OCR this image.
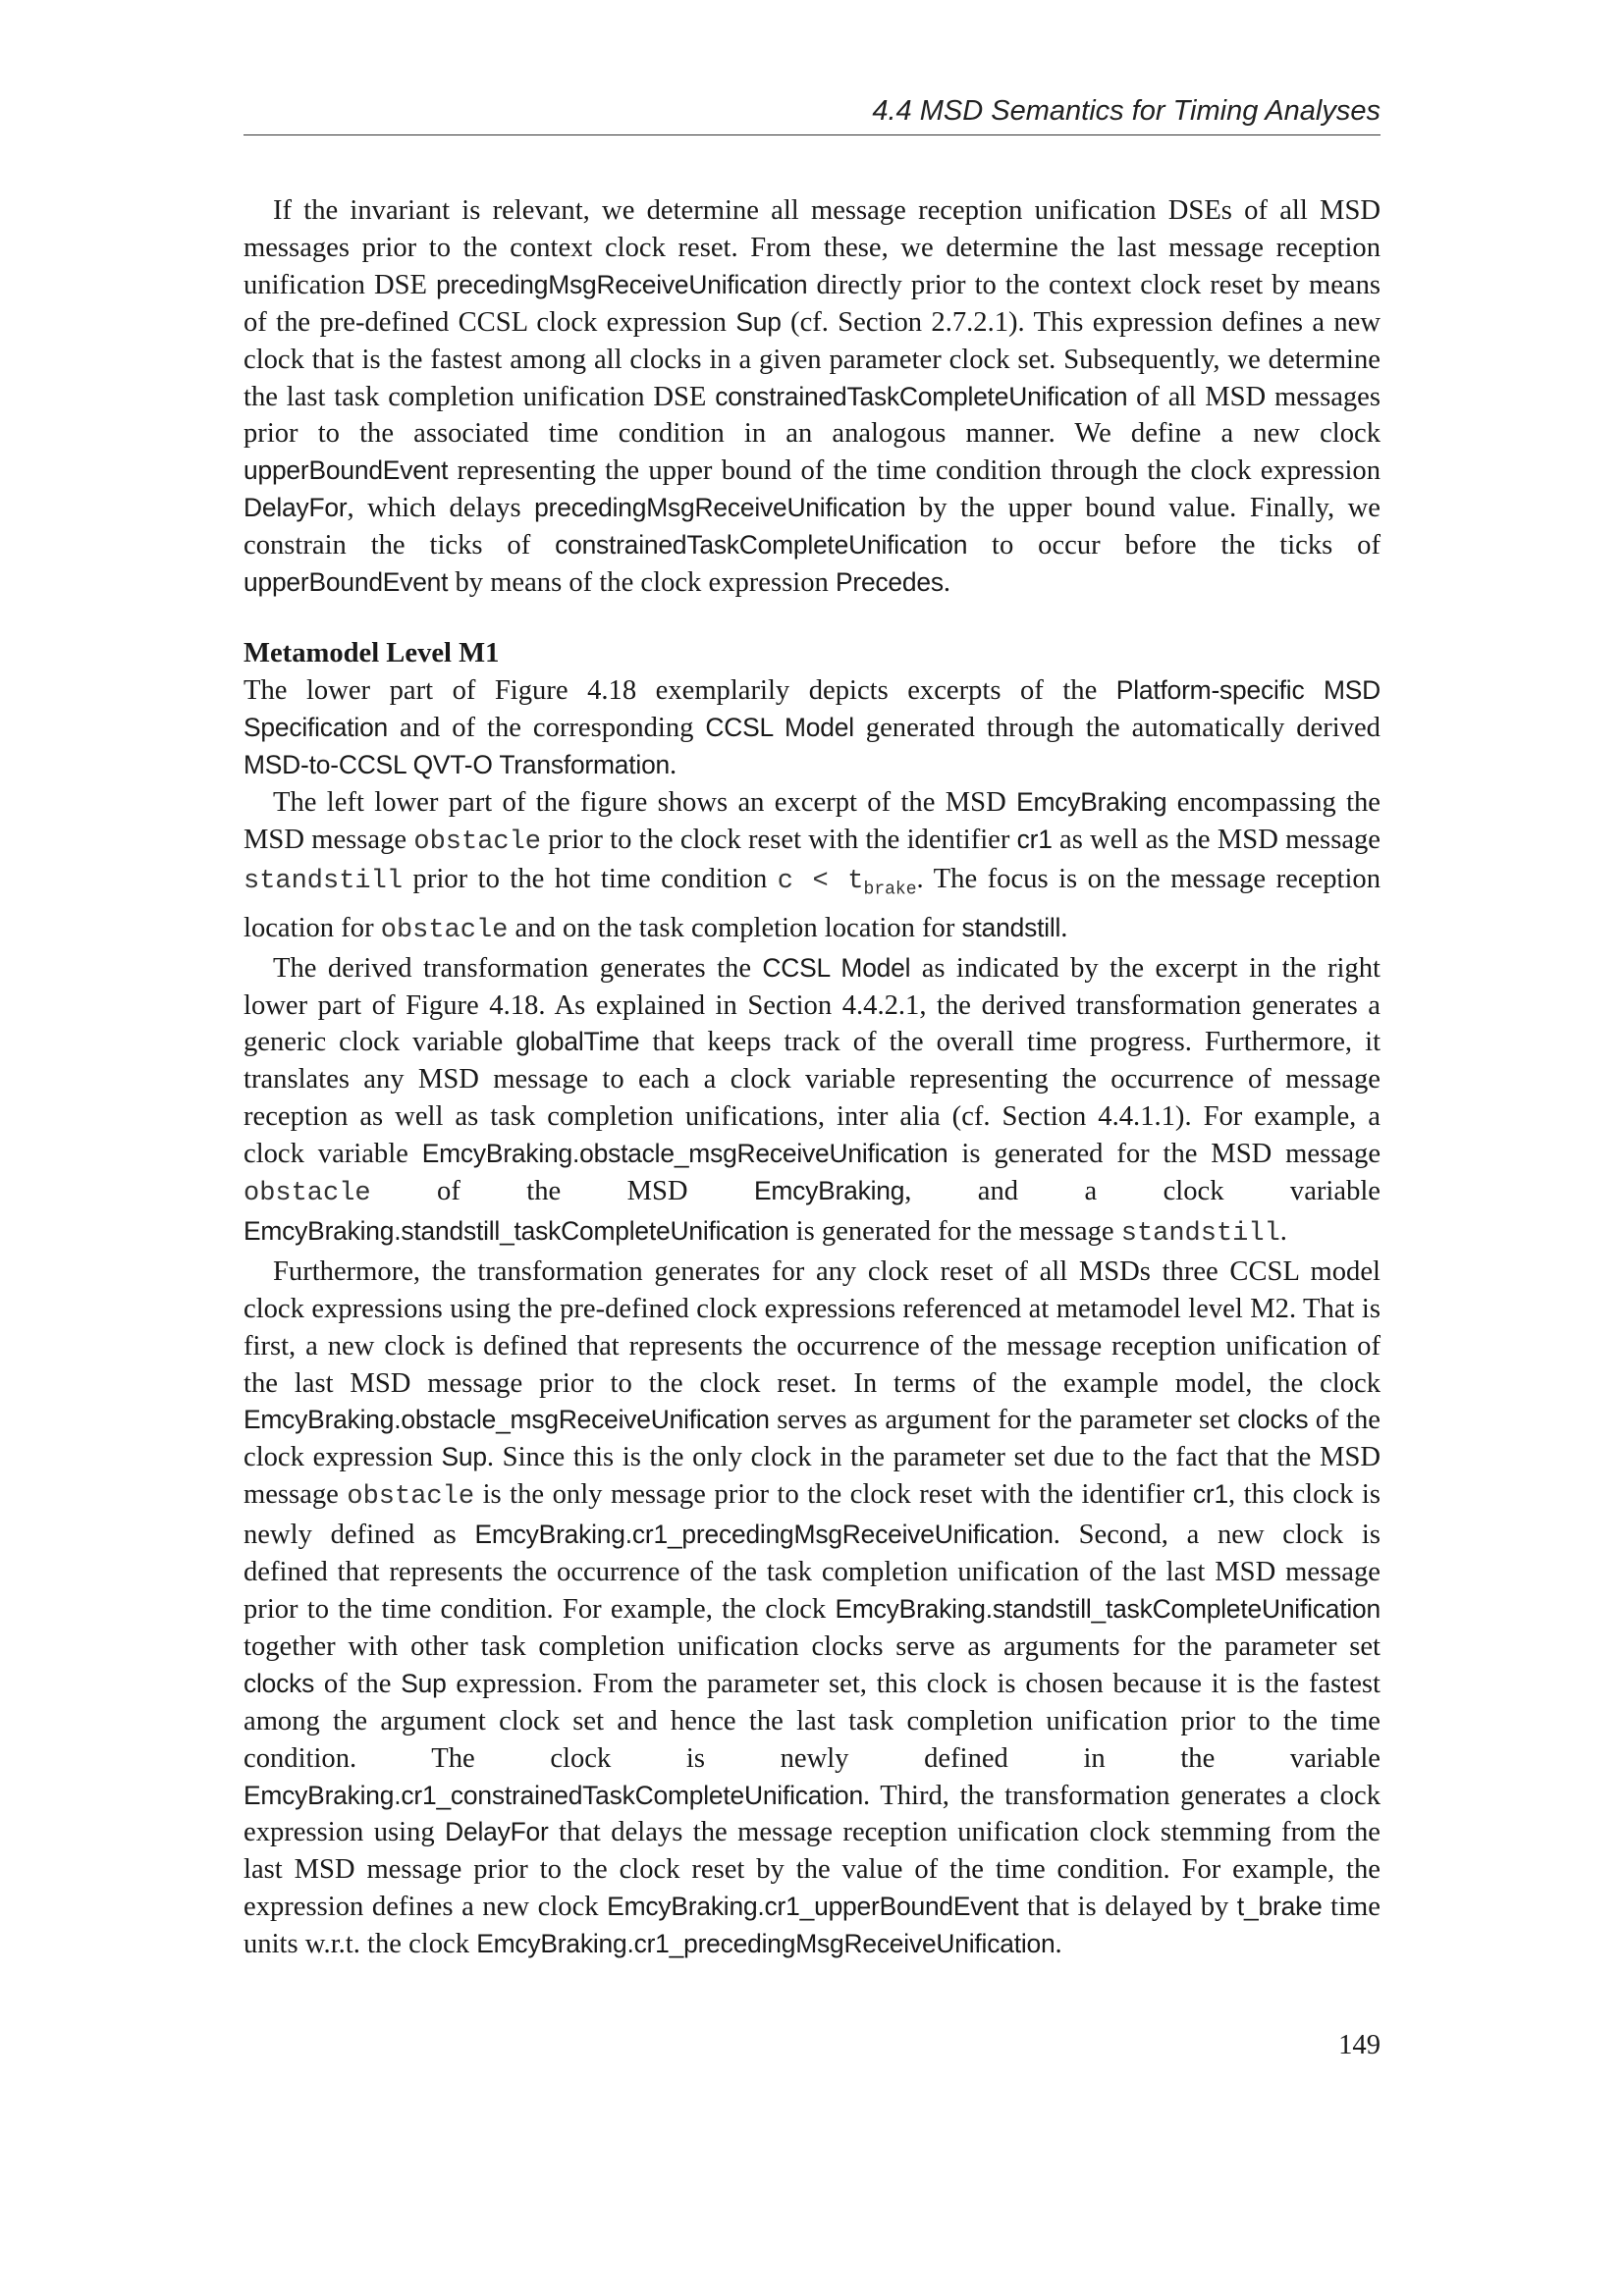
4.4 MSD Semantics for Timing Analyses

If the invariant is relevant, we determine all message reception unification DSEs of all MSD messages prior to the context clock reset. From these, we determine the last message reception unification DSE precedingMsgReceiveUnification directly prior to the context clock reset by means of the pre-defined CCSL clock expression Sup (cf. Section 2.7.2.1). This expression defines a new clock that is the fastest among all clocks in a given parameter clock set. Subsequently, we determine the last task completion unification DSE constrainedTaskCompleteUnification of all MSD messages prior to the associated time condition in an analogous manner. We define a new clock upperBoundEvent representing the upper bound of the time condition through the clock expression DelayFor, which delays precedingMsgReceiveUnification by the upper bound value. Finally, we constrain the ticks of constrainedTaskCompleteUnification to occur before the ticks of upperBoundEvent by means of the clock expression Precedes.

Metamodel Level M1

The lower part of Figure 4.18 exemplarily depicts excerpts of the Platform-specific MSD Specification and of the corresponding CCSL Model generated through the automatically derived MSD-to-CCSL QVT-O Transformation.

The left lower part of the figure shows an excerpt of the MSD EmcyBraking encompassing the MSD message obstacle prior to the clock reset with the identifier cr1 as well as the MSD message standstill prior to the hot time condition $c < t_{brake}$. The focus is on the message reception location for obstacle and on the task completion location for standstill.

The derived transformation generates the CCSL Model as indicated by the excerpt in the right lower part of Figure 4.18. As explained in Section 4.4.2.1, the derived transformation generates a generic clock variable globalTime that keeps track of the overall time progress. Furthermore, it translates any MSD message to each a clock variable representing the occurrence of message reception as well as task completion unifications, inter alia (cf. Section 4.4.1.1). For example, a clock variable EmcyBraking.obstacle_msgReceiveUnification is generated for the MSD message obstacle of the MSD EmcyBraking, and a clock variable EmcyBraking.standstill_taskCompleteUnification is generated for the message standstill.

Furthermore, the transformation generates for any clock reset of all MSDs three CCSL model clock expressions using the pre-defined clock expressions referenced at metamodel level M2. That is first, a new clock is defined that represents the occurrence of the message reception unification of the last MSD message prior to the clock reset. In terms of the example model, the clock EmcyBraking.obstacle_msgReceiveUnification serves as argument for the parameter set clocks of the clock expression Sup. Since this is the only clock in the parameter set due to the fact that the MSD message obstacle is the only message prior to the clock reset with the identifier cr1, this clock is newly defined as EmcyBraking.cr1_precedingMsgReceiveUnification. Second, a new clock is defined that represents the occurrence of the task completion unification of the last MSD message prior to the time condition. For example, the clock EmcyBraking.standstill_taskCompleteUnification together with other task completion unification clocks serve as arguments for the parameter set clocks of the Sup expression. From the parameter set, this clock is chosen because it is the fastest among the argument clock set and hence the last task completion unification prior to the time condition. The clock is newly defined in the variable EmcyBraking.cr1_constrainedTaskCompleteUnification. Third, the transformation generates a clock expression using DelayFor that delays the message reception unification clock stemming from the last MSD message prior to the clock reset by the value of the time condition. For example, the expression defines a new clock EmcyBraking.cr1_upperBoundEvent that is delayed by t_brake time units w.r.t. the clock EmcyBraking.cr1_precedingMsgReceiveUnification.

149
